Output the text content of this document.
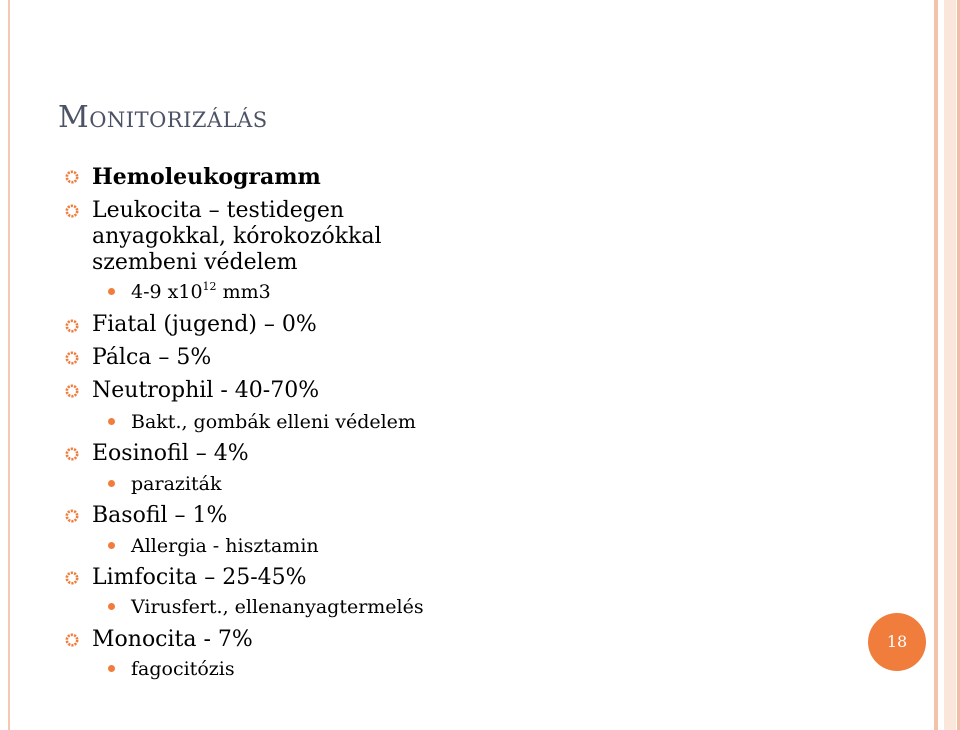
Monitorizálás
Hemoleukogramm
Leukocita – testidegen
anyagokkal, kórokozókkal
szembeni védelem
4-9 $x10^{12}$ mm3
Fiatal (jugend) – 0%
Pálca – 5%
Neutrophil - 40-70%
Bakt., gombák elleni védelem
Eosinofil – 4%
paraziták
Basofil – 1%
Allergia - hisztamin
Limfocita – 25-45%
Virusfert., ellenanyagtermelés
Monocita - 7%
fagocitózis
18
